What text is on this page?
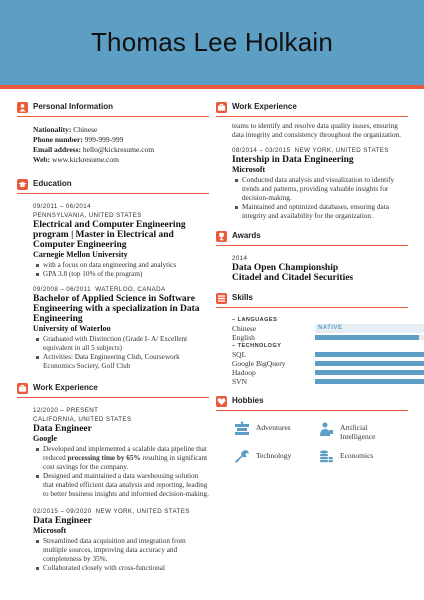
Thomas Lee Holkain
Personal Information
Nationality: Chinese
Phone number: 999-999-999
Email address: hello@kickresume.com
Web: www.kickresume.com
Education
09/2011 – 06/2014
PENNSYLVANIA, UNITED STATES
Electrical and Computer Engineering program | Master in Electrical and Computer Engineering
Carnegie Mellon University
with a focus on data engineering and analytics
GPA 3.8 (top 10% of the program)
09/2008 – 06/2011 WATERLOO, CANADA
Bachelor of Applied Science in Software Engineering with a specialization in Data Engineering
University of Waterloo
Graduated with Distinction (Grade I- A/ Excellent equivalent in all 5 subjects)
Activities: Data Engineering Club, Coursework Economics Society, Golf Club
Work Experience
12/2020 – PRESENT
CALIFORNIA, UNITED STATES
Data Engineer
Google
Developed and implemented a scalable data pipeline that reduced processing time by 65% resulting in significant cost savings for the company.
Designed and maintained a data warehousing solution that enabled efficient data analysis and reporting, leading to better business insights and informed decision-making.
02/2015 – 09/2020 NEW YORK, UNITED STATES
Data Engineer
Microsoft
Streamlined data acquisition and integration from multiple sources, improving data accuracy and completeness by 35%.
Collaborated closely with cross-functional
Work Experience
teams to identify and resolve data quality issues, ensuring data integrity and consistency throughout the organization.
08/2014 – 03/2015 NEW YORK, UNITED STATES
Intership in Data Engineering
Microsoft
Conducted data analysis and visualization to identify trends and patterns, providing valuable insights for decision-making.
Maintained and optimized databases, ensuring data integrity and availability for the organization.
Awards
2014
Data Open Championship
Citadel and Citadel Securities
Skills
– LANGUAGES
Chinese	NATIVE
English
– TECHNOLOGY
SQL
Google BigQuery
Hadoop
SVN
Hobbies
Adventures	Artificial Intelligence
Technology	Economics
